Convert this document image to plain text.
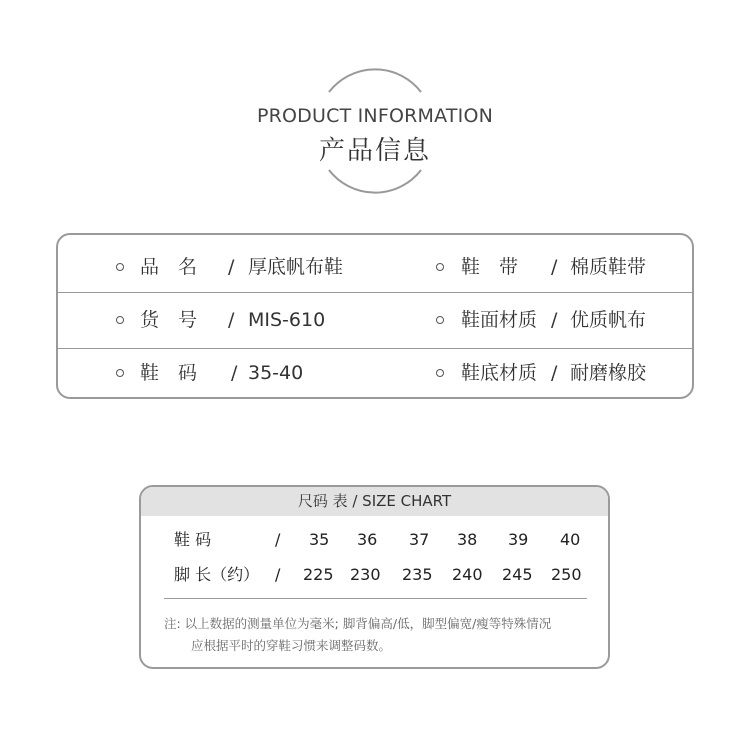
PRODUCT INFORMATION
产品信息
品　名 / 厚底帆布鞋	鞋　带 / 棉质鞋带
货　号 / MIS-610	鞋面材质 / 优质帆布
鞋　码 / 35-40	鞋底材质 / 耐磨橡胶
尺码 表 / SIZE CHART
鞋 码	/ 35 36 37 38 39 40
脚 长（约） / 225 230 235 240 245 250
注: 以上数据的测量单位为毫米; 脚背偏高/低，脚型偏宽/瘦等特殊情况
应根据平时的穿鞋习惯来调整码数。
